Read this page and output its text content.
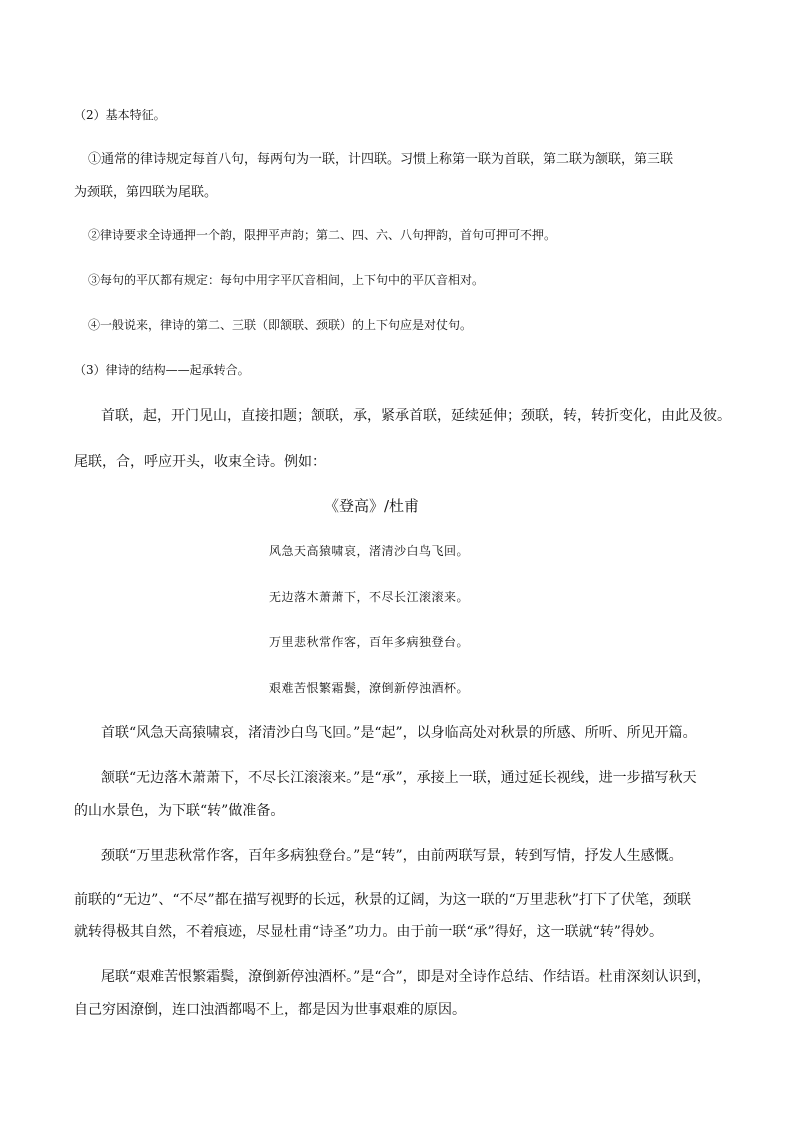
（2）基本特征。
①通常的律诗规定每首八句，每两句为一联，计四联。习惯上称第一联为首联，第二联为颔联，第三联
为颈联，第四联为尾联。
②律诗要求全诗通押一个韵，限押平声韵；第二、四、六、八句押韵，首句可押可不押。
③每句的平仄都有规定：每句中用字平仄音相间，上下句中的平仄音相对。
④一般说来，律诗的第二、三联（即颔联、颈联）的上下句应是对仗句。
（3）律诗的结构——起承转合。
首联，起，开门见山，直接扣题；颔联，承，紧承首联，延续延伸；颈联，转，转折变化，由此及彼。
尾联，合，呼应开头，收束全诗。例如：
《登高》/杜甫
风急天高猿啸哀，渚清沙白鸟飞回。
无边落木萧萧下，不尽长江滚滚来。
万里悲秋常作客，百年多病独登台。
艰难苦恨繁霜鬓，潦倒新停浊酒杯。
首联“风急天高猿啸哀，渚清沙白鸟飞回。”是“起”，以身临高处对秋景的所感、所听、所见开篇。
颔联“无边落木萧萧下，不尽长江滚滚来。”是“承”，承接上一联，通过延长视线，进一步描写秋天
的山水景色，为下联“转”做准备。
颈联“万里悲秋常作客，百年多病独登台。”是“转”，由前两联写景，转到写情，抒发人生感慨。
前联的“无边”、“不尽”都在描写视野的长远，秋景的辽阔，为这一联的“万里悲秋”打下了伏笔，颈联
就转得极其自然，不着痕迹，尽显杜甫“诗圣”功力。由于前一联“承”得好，这一联就“转”得妙。
尾联“艰难苦恨繁霜鬓，潦倒新停浊酒杯。”是“合”，即是对全诗作总结、作结语。杜甫深刻认识到，
自己穷困潦倒，连口浊酒都喝不上，都是因为世事艰难的原因。
